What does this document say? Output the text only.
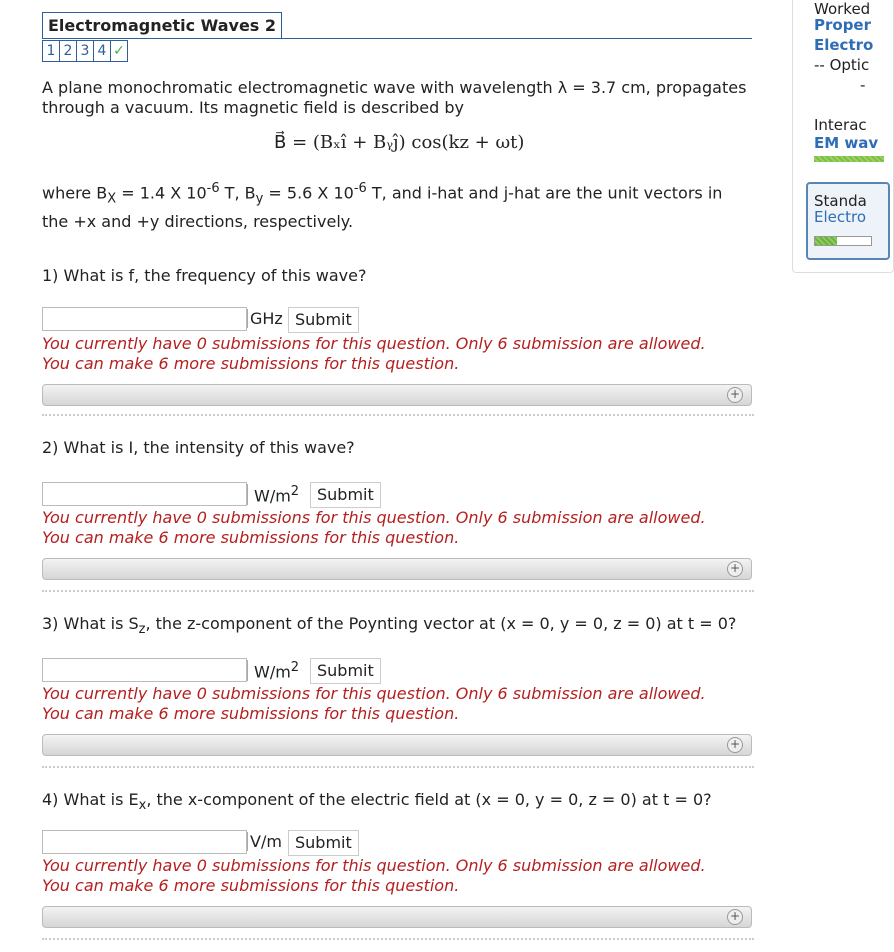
Electromagnetic Waves 2
1 2 3 4 ✓
A plane monochromatic electromagnetic wave with wavelength λ = 3.7 cm, propagates
through a vacuum. Its magnetic field is described by
B⃗ = (Bₓî + Bᵧĵ) cos(kz + ωt)
where $B_X = 1.4$ X $10^{-6}$ T, $B_y = 5.6$ X $10^{-6}$ T, and i-hat and j-hat are the unit vectors in
the +x and +y directions, respectively.
1) What is f, the frequency of this wave?
GHz Submit
You currently have 0 submissions for this question. Only 6 submission are allowed.
You can make 6 more submissions for this question.
+
2) What is I, the intensity of this wave?
$W/m^2$	Submit
You currently have 0 submissions for this question. Only 6 submission are allowed.
You can make 6 more submissions for this question.
+
3) What is $S_z$, the z-component of the Poynting vector at (x = 0, y = 0, z = 0) at t = 0?
$W/m^2$	Submit
You currently have 0 submissions for this question. Only 6 submission are allowed.
You can make 6 more submissions for this question.
+
4) What is $E_x$, the x-component of the electric field at (x = 0, y = 0, z = 0) at t = 0?
V/m Submit
You currently have 0 submissions for this question. Only 6 submission are allowed.
You can make 6 more submissions for this question.
+
Worked
Proper
Electro
-- Optic
-
Interac
EM wav
Standa
Electro
